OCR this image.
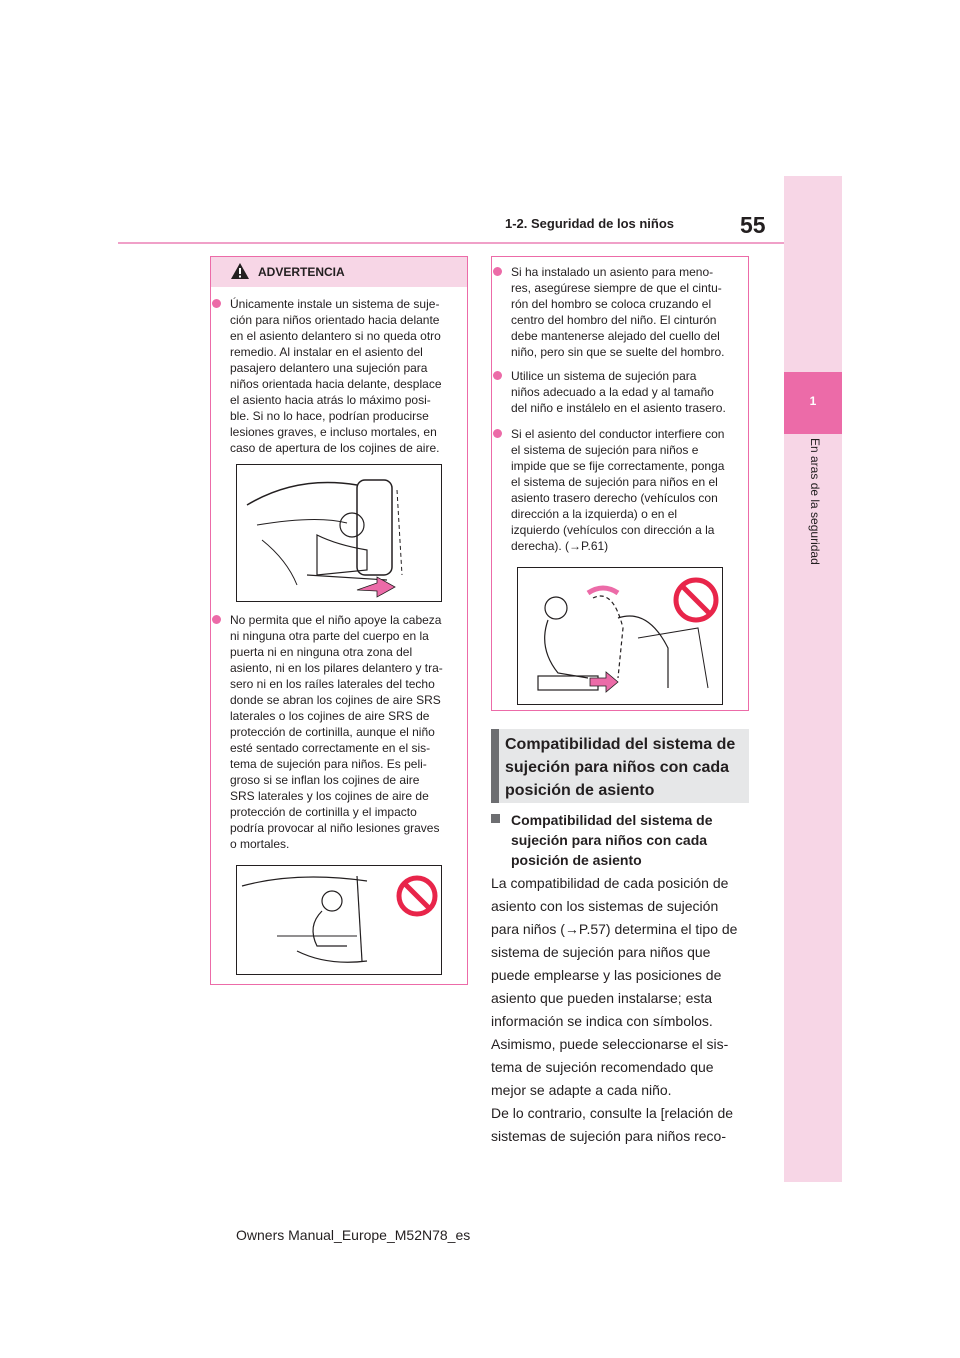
55
1-2. Seguridad de los niños
1
En aras de la seguridad
ADVERTENCIA
Únicamente instale un sistema de suje-
ción para niños orientado hacia delante
en el asiento delantero si no queda otro
remedio. Al instalar en el asiento del
pasajero delantero una sujeción para
niños orientada hacia delante, desplace
el asiento hacia atrás lo máximo posi-
ble. Si no lo hace, podrían producirse
lesiones graves, e incluso mortales, en
caso de apertura de los cojines de aire.
No permita que el niño apoye la cabeza
ni ninguna otra parte del cuerpo en la
puerta ni en ninguna otra zona del
asiento, ni en los pilares delantero y tra-
sero ni en los raíles laterales del techo
donde se abran los cojines de aire SRS
laterales o los cojines de aire SRS de
protección de cortinilla, aunque el niño
esté sentado correctamente en el sis-
tema de sujeción para niños. Es peli-
groso si se inflan los cojines de aire
SRS laterales y los cojines de aire de
protección de cortinilla y el impacto
podría provocar al niño lesiones graves
o mortales.
Si ha instalado un asiento para meno-
res, asegúrese siempre de que el cintu-
rón del hombro se coloca cruzando el
centro del hombro del niño. El cinturón
debe mantenerse alejado del cuello del
niño, pero sin que se suelte del hombro.
Utilice un sistema de sujeción para
niños adecuado a la edad y al tamaño
del niño e instálelo en el asiento trasero.
Si el asiento del conductor interfiere con
el sistema de sujeción para niños e
impide que se fije correctamente, ponga
el sistema de sujeción para niños en el
asiento trasero derecho (vehículos con
dirección a la izquierda) o en el
izquierdo (vehículos con dirección a la
derecha). (→P.61)
Compatibilidad del sistema de
sujeción para niños con cada
posición de asiento
Compatibilidad del sistema de
sujeción para niños con cada
posición de asiento
La compatibilidad de cada posición de
asiento con los sistemas de sujeción
para niños (→P.57) determina el tipo de
sistema de sujeción para niños que
puede emplearse y las posiciones de
asiento que pueden instalarse; esta
información se indica con símbolos.
Asimismo, puede seleccionarse el sis-
tema de sujeción recomendado que
mejor se adapte a cada niño.
De lo contrario, consulte la [relación de
sistemas de sujeción para niños reco-
Owners Manual_Europe_M52N78_es
